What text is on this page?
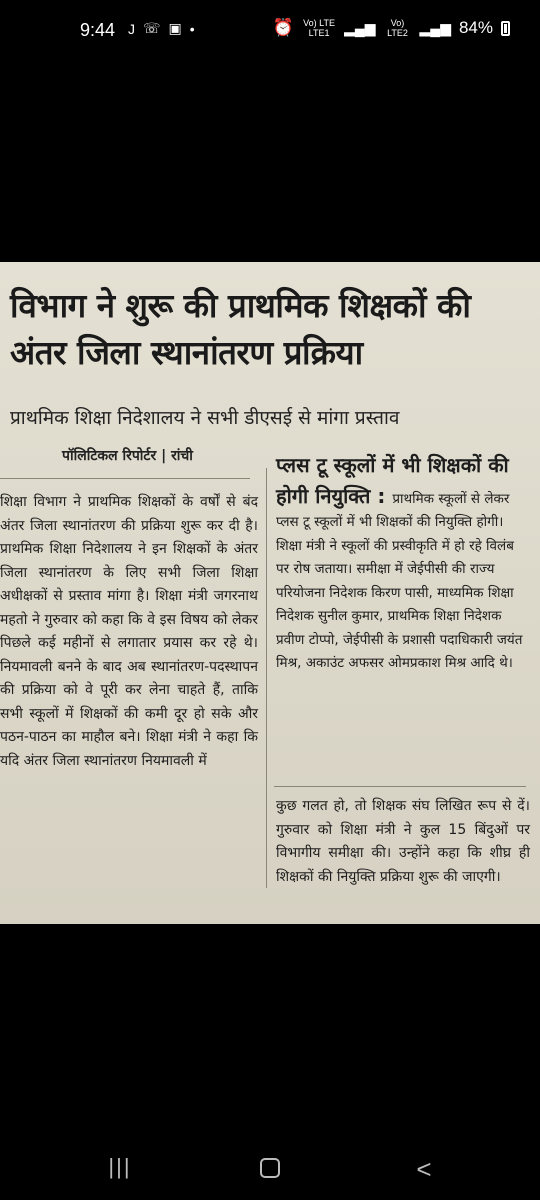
9:44 J ☏ ▣ •	⏰ Vo) LTE LTE1	▂▄▆	Vo) LTE2 ▂▄▆ 84%
विभाग ने शुरू की प्राथमिक शिक्षकों की अंतर जिला स्थानांतरण प्रक्रिया
प्राथमिक शिक्षा निदेशालय ने सभी डीएसई से मांगा प्रस्ताव
पॉलिटिकल रिपोर्टर | रांची
शिक्षा विभाग ने प्राथमिक शिक्षकों के वर्षों से बंद अंतर जिला स्थानांतरण की प्रक्रिया शुरू कर दी है। प्राथमिक शिक्षा निदेशालय ने इन शिक्षकों के अंतर जिला स्थानांतरण के लिए सभी जिला शिक्षा अधीक्षकों से प्रस्ताव मांगा है। शिक्षा मंत्री जगरनाथ महतो ने गुरुवार को कहा कि वे इस विषय को लेकर पिछले कई महीनों से लगातार प्रयास कर रहे थे। नियमावली बनने के बाद अब स्थानांतरण-पदस्थापन की प्रक्रिया को वे पूरी कर लेना चाहते हैं, ताकि सभी स्कूलों में शिक्षकों की कमी दूर हो सके और पठन-पाठन का माहौल बने। शिक्षा मंत्री ने कहा कि यदि अंतर जिला स्थानांतरण नियमावली में
प्लस टू स्कूलों में भी शिक्षकों की होगी नियुक्ति : प्राथमिक स्कूलों से लेकर प्लस टू स्कूलों में भी शिक्षकों की नियुक्ति होगी। शिक्षा मंत्री ने स्कूलों की प्रस्वीकृति में हो रहे विलंब पर रोष जताया। समीक्षा में जेईपीसी की राज्य परियोजना निदेशक किरण पासी, माध्यमिक शिक्षा निदेशक सुनील कुमार, प्राथमिक शिक्षा निदेशक प्रवीण टोप्पो, जेईपीसी के प्रशासी पदाधिकारी जयंत मिश्र, अकाउंट अफसर ओमप्रकाश मिश्र आदि थे।
कुछ गलत हो, तो शिक्षक संघ लिखित रूप से दें। गुरुवार को शिक्षा मंत्री ने कुल 15 बिंदुओं पर विभागीय समीक्षा की। उन्होंने कहा कि शीघ्र ही शिक्षकों की नियुक्ति प्रक्रिया शुरू की जाएगी।
|||	<
